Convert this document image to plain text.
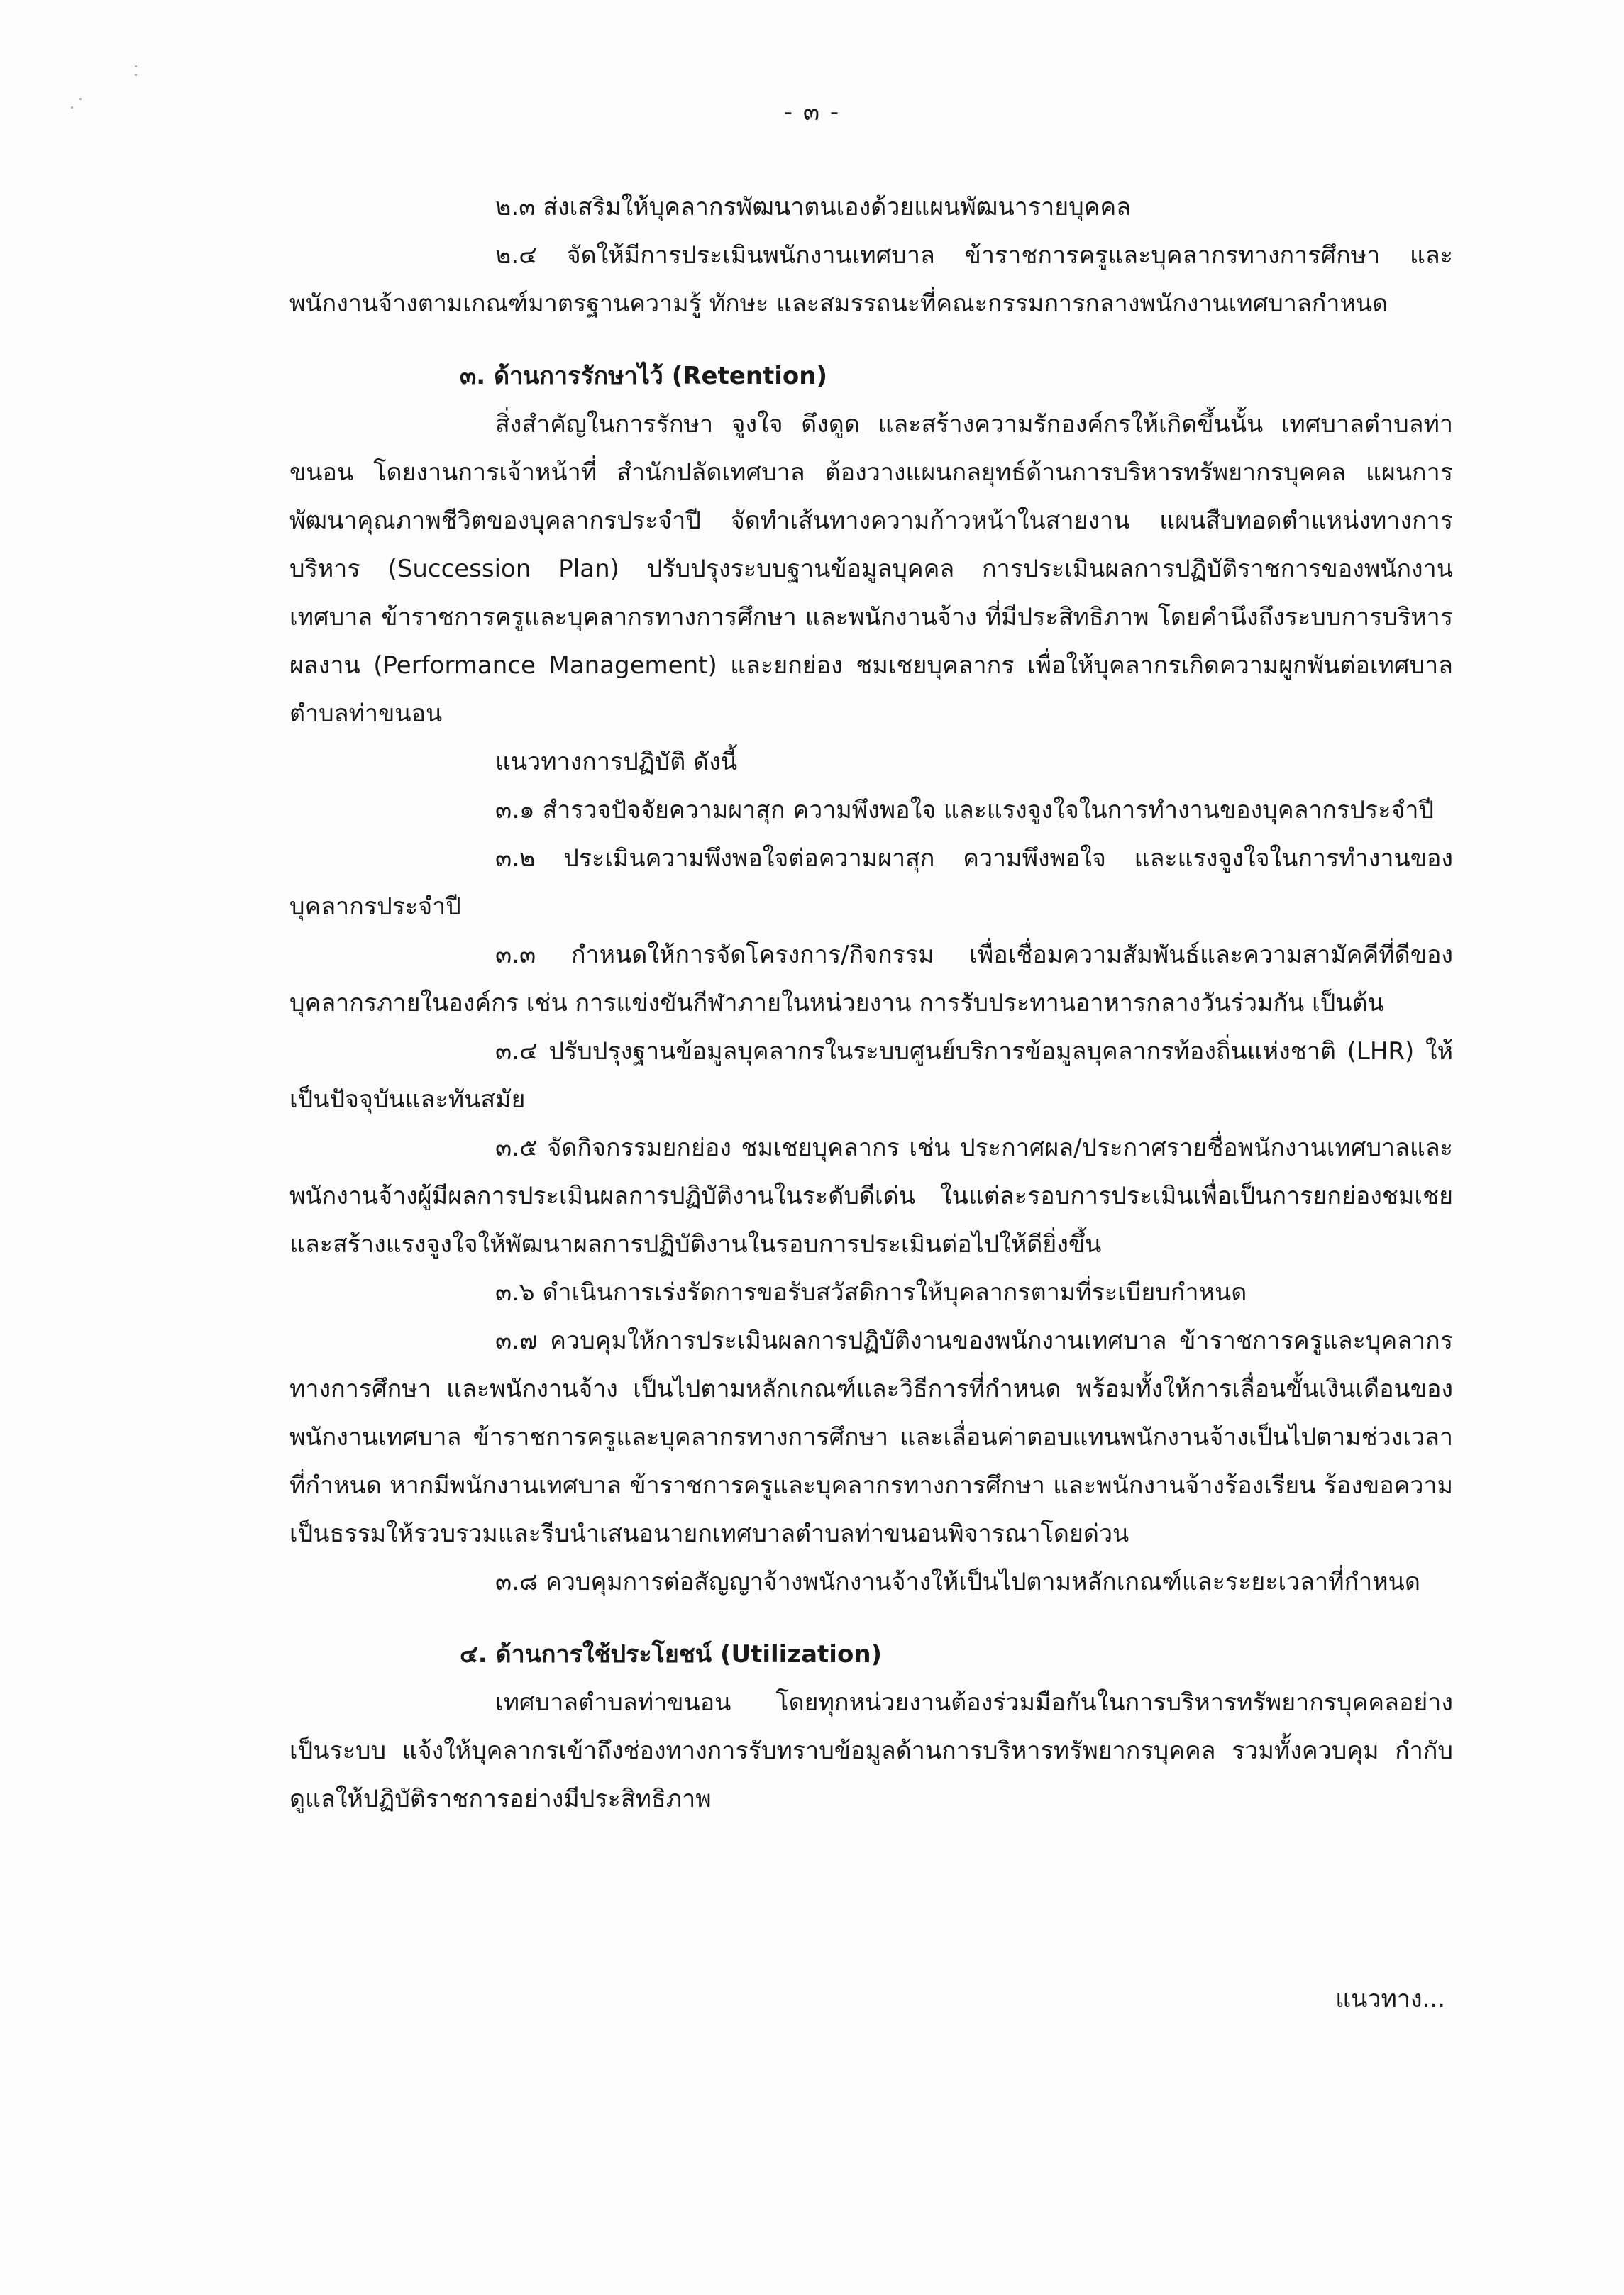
- ๓ -

๒.๓ ส่งเสริมให้บุคลากรพัฒนาตนเองด้วยแผนพัฒนารายบุคคล

๒.๔ จัดให้มีการประเมินพนักงานเทศบาล ข้าราชการครูและบุคลากรทางการศึกษา และพนักงานจ้างตามเกณฑ์มาตรฐานความรู้ ทักษะ และสมรรถนะที่คณะกรรมการกลางพนักงานเทศบาลกำหนด

๓. ด้านการรักษาไว้ (Retention)

สิ่งสำคัญในการรักษา จูงใจ ดึงดูด และสร้างความรักองค์กรให้เกิดขึ้นนั้น เทศบาลตำบลท่าขนอน โดยงานการเจ้าหน้าที่ สำนักปลัดเทศบาล ต้องวางแผนกลยุทธ์ด้านการบริหารทรัพยากรบุคคล แผนการพัฒนาคุณภาพชีวิตของบุคลากรประจำปี จัดทำเส้นทางความก้าวหน้าในสายงาน แผนสืบทอดตำแหน่งทางการบริหาร (Succession Plan) ปรับปรุงระบบฐานข้อมูลบุคคล การประเมินผลการปฏิบัติราชการของพนักงานเทศบาล ข้าราชการครูและบุคลากรทางการศึกษา และพนักงานจ้าง ที่มีประสิทธิภาพ โดยคำนึงถึงระบบการบริหารผลงาน (Performance Management) และยกย่อง ชมเชยบุคลากร เพื่อให้บุคลากรเกิดความผูกพันต่อเทศบาลตำบลท่าขนอน

แนวทางการปฏิบัติ ดังนี้

๓.๑ สำรวจปัจจัยความผาสุก ความพึงพอใจ และแรงจูงใจในการทำงานของบุคลากรประจำปี

๓.๒ ประเมินความพึงพอใจต่อความผาสุก ความพึงพอใจ และแรงจูงใจในการทำงานของบุคลากรประจำปี

๓.๓ กำหนดให้การจัดโครงการ/กิจกรรม เพื่อเชื่อมความสัมพันธ์และความสามัคคีที่ดีของบุคลากรภายในองค์กร เช่น การแข่งขันกีฬาภายในหน่วยงาน การรับประทานอาหารกลางวันร่วมกัน เป็นต้น

๓.๔ ปรับปรุงฐานข้อมูลบุคลากรในระบบศูนย์บริการข้อมูลบุคลากรท้องถิ่นแห่งชาติ (LHR) ให้เป็นปัจจุบันและทันสมัย

๓.๕ จัดกิจกรรมยกย่อง ชมเชยบุคลากร เช่น ประกาศผล/ประกาศรายชื่อพนักงานเทศบาลและพนักงานจ้างผู้มีผลการประเมินผลการปฏิบัติงานในระดับดีเด่น ในแต่ละรอบการประเมินเพื่อเป็นการยกย่องชมเชยและสร้างแรงจูงใจให้พัฒนาผลการปฏิบัติงานในรอบการประเมินต่อไปให้ดียิ่งขึ้น

๓.๖ ดำเนินการเร่งรัดการขอรับสวัสดิการให้บุคลากรตามที่ระเบียบกำหนด

๓.๗ ควบคุมให้การประเมินผลการปฏิบัติงานของพนักงานเทศบาล ข้าราชการครูและบุคลากรทางการศึกษา และพนักงานจ้าง เป็นไปตามหลักเกณฑ์และวิธีการที่กำหนด พร้อมทั้งให้การเลื่อนขั้นเงินเดือนของพนักงานเทศบาล ข้าราชการครูและบุคลากรทางการศึกษา และเลื่อนค่าตอบแทนพนักงานจ้างเป็นไปตามช่วงเวลาที่กำหนด หากมีพนักงานเทศบาล ข้าราชการครูและบุคลากรทางการศึกษา และพนักงานจ้างร้องเรียน ร้องขอความเป็นธรรมให้รวบรวมและรีบนำเสนอนายกเทศบาลตำบลท่าขนอนพิจารณาโดยด่วน

๓.๘ ควบคุมการต่อสัญญาจ้างพนักงานจ้างให้เป็นไปตามหลักเกณฑ์และระยะเวลาที่กำหนด

๔. ด้านการใช้ประโยชน์ (Utilization)

เทศบาลตำบลท่าขนอน โดยทุกหน่วยงานต้องร่วมมือกันในการบริหารทรัพยากรบุคคลอย่างเป็นระบบ แจ้งให้บุคลากรเข้าถึงช่องทางการรับทราบข้อมูลด้านการบริหารทรัพยากรบุคคล รวมทั้งควบคุม กำกับ ดูแลให้ปฏิบัติราชการอย่างมีประสิทธิภาพ

แนวทาง...
